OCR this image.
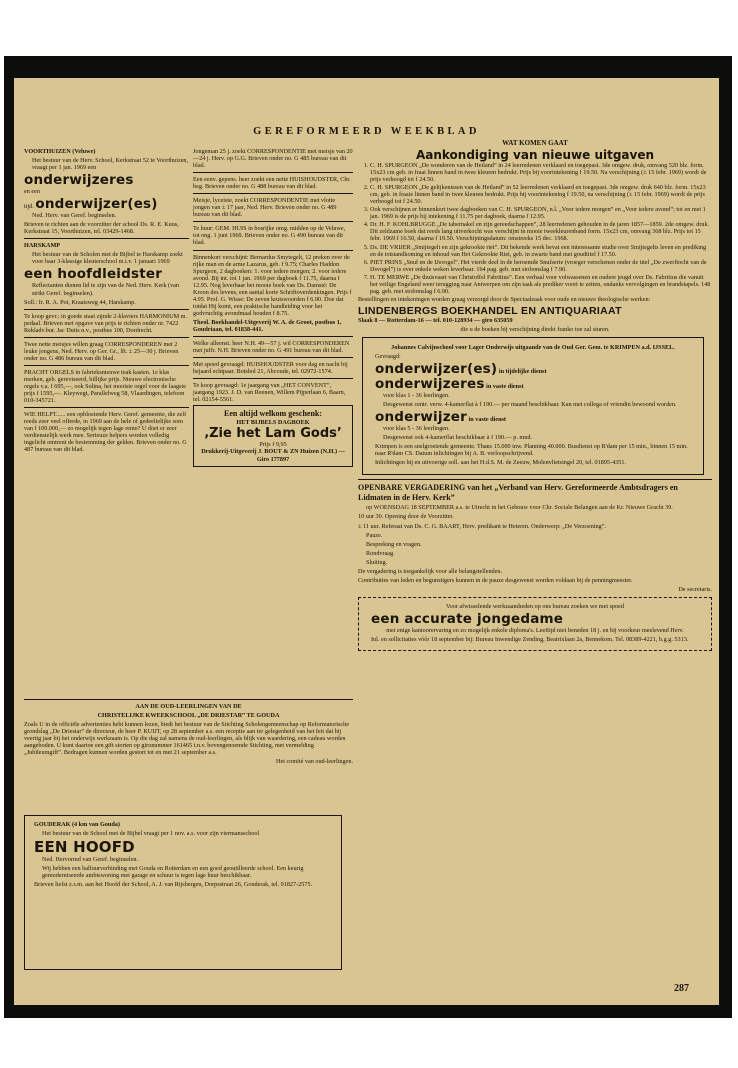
GEREFORMEERD WEEKBLAD

VOORTHUIZEN (Veluwe)

Het bestuur van de Herv. School, Kerkstraat 52 te Voorthuizen, vraagt per 1 jan. 1969 een

onderwijzeres

en een

tijd. onderwijzer(es)

Ned. Herv. van Geref. beginselen.

Brieven te richten aan de voorzitter der school Ds. R. E. Kuus, Kerkstraat 15, Voorthuizen, tel. 03429-1468.

HARSKAMP

Het bestuur van de Scholen met de Bijbel te Harskamp zoekt voor haar 3-klassige kleuterschool m.i.v. 1 januari 1969

een hoofdleidster

Reflectanten dienen lid te zijn van de Ned. Herv. Kerk (van strikt Geref. beginselen).

Soll.: Ir. R. A. Pot, Kraatsweg 44, Harskamp.

Te koop gevr.: in goede staat zijnde 2-klaviers HARMONIUM m. pedaal. Brieven met opgave van prijs te richten onder nr. 7422 Rekladv.bur. Jac Duits n.v., postbus 100, Dordrecht.

Twee nette meisjes willen graag CORRESPONDEREN met 2 leuke jongens, Ned. Herv. op Ger. Gr., lft. ± 25—30 j. Brieven onder no. G 486 bureau van dit blad.

PRACHT ORGELS in fabrieksnieuwe teak kasten. 1e klas merken, geb. gereviseerd, billijke prijs. Nieuwe electronische orgels v.a. f 695,—, ook Solina, het mooiste orgel voor de laagste prijs f 1595,—. Kleywegt, Parallelweg 58, Vlaardingen, telefoon 010-345721.

WIE HELPT...... een opbloeiende Herv. Geref. gemeente, die zelf reeds zeer veel offerde, in 1969 aan de hele of gedeeltelijke som van f 100.000,— zo mogelijk tegen lage rente? U doet er zeer verdienstelijk werk mee. Serieuze helpers worden volledig ingelicht omtrent de bestemming der gelden. Brieven onder no. G 487 bureau van dit blad.

Jongeman 25 j. zoekt CORRESPONDENTIE met meisje van 20—24 j. Herv. op G.G. Brieven onder no. G 485 bureau van dit blad.

Een eenv. gepens. heer zoekt een nette HUISHOUDSTER, Chr. beg. Brieven onder no. G 488 bureau van dit blad.

Meisje, lyceiste, zoekt CORRESPONDENTIE met vlotte jongen van ± 17 jaar, Ned. Herv. Brieven onder no. G 489 bureau van dit blad.

Te huur: GEM. HUIS in bosrijke omg. midden op de Veluwe, tot ong. 1 juni 1969. Brieven onder no. G 490 bureau van dit blad.

Binnenkort verschijnt: Bernardus Smytegelt, 12 preken over de rijke man en de arme Lazarus, geb. f 9.75; Charles Haddon Spurgeon, 2 dagboeken: 1. voor iedere morgen; 2. voor iedere avond. Bij int. tot 1 jan. 1969 per dagboek f 11.75, daarna f 12.95. Nog leverbaar het mooie boek van Ds. Damsté: De Kroon des levens, een aantal korte Schriftoverdenkingen. Prijs f 4.95. Prof. G. Wisse: De zeven kruiswoorden f 6.90. Doe dat totdat Hij komt, een praktische handleiding voor het godvruchtig avondmaal houden f 8.75.

Theol. Boekhandel-Uitgeverij W. A. de Groot, postbus 1, Goudriaan, tel. 01838-441.

Welke alleenst. heer N.H. 49—57 j. wil CORRESPONDEREN met juffr. N.H. Brieven onder no. G 491 bureau van dit blad.

Met spoed gevraagd: HUISHOUDSTER voor dag en nacht bij bejaard echtpaar. Botshol 21, Abcoude, tel. 02972-1574.

Te koop gevraagd: 1e jaargang van „HET CONVENT”, jaargang 1923. J. D. van Reenen, Willem Pijperlaan 6, Baarn, tel. 02154-5561.

Een altijd welkom geschenk:
HET BIJBELS DAGBOEK
‚Zie het Lam Gods’
Prijs f 9,95
Drukkerij-Uitgeverij J. BOUT & ZN Huizen (N.H.) — Giro 177897
WAT KOMEN GAAT
Aankondiging van nieuwe uitgaven
1. C. H. SPURGEON „De wonderen van de Heiland” in 24 leerredenen verklaard en toegepast. 3de omgew. druk, omvang 520 blz. form. 15x23 cm geb. in fraai linnen band in twee kleuren bedrukt. Prijs bij voorintekening f 19.50. Na verschijning (± 15 febr. 1969) wordt de prijs verhoogd tot f 24.50.
2. C. H. SPURGEON „De gelijkenissen van de Heiland” in 52 leerredenen verklaard en toegepast. 3de omgew. druk 640 blz. form. 15x23 cm, geb. in fraaie linnen band in twee kleuren bedrukt. Prijs bij voorintekening f 19.50, na verschijning (± 15 febr. 1969) wordt de prijs verhoogd tot f 24.50.
3. Ook verschijnen er binnenkort twee dagboeken van C. H. SPURGEON, n.l. „Voor iedere morgen” en „Voor iedere avond”; tot en met 1 jan. 1969 is de prijs bij intekening f 11.75 per dagboek, daarna f 12.95.
4. Dr. H. F. KOHLBRUGGE „De tabernakel en zijn gereedschappen”, 28 leerredenen gehouden in de jaren 1857—1859. 2de omgew. druk. Dit zeldzame boek dat reeds lang uitverkocht was verschijnt in mooie tweekleurenband form. 15x23 cm, omvang 368 blz. Prijs tot 15 febr. 1969 f 16.50, daarna f 19.50. Verschijningsdatum: omstreeks 15 dec. 1968.
5. Ds. DE VRIJER „Smijtegelt en zijn gekrookte riet”. Dit bekende werk bevat een interessante studie over Smijtegelts leven en prediking en de totstandkoming en inhoud van Het Gekrookte Riet, geb. in zwarte band met goudtitel f 17.50.
6. PIET PRINS „Snuf en de IJsvogel”. Het vierde deel in de beroemde Snufserie (vroeger verschenen onder de titel „De zwerftocht van de IJsvogel”) is over enkele weken leverbaar. 164 pag. geb. met stofomslag f 7.90.
7. H. TE MERWE „De thuisvaart van Christoffel Fabritius”. Een verhaal voor volwassenen en oudere jeugd over Ds. Fabritius die vanuit het veilige Engeland weer terugging naar Antwerpen om zijn taak als prediker voort te zetten, ondanks vervolgingen en brandstapels. 148 pag. geb. met stofomslag f 6.90.

Bestellingen en intekeningen worden graag verzorgd door de Speciaalzaak voor oude en nieuwe theologische werken:

LINDENBERGS BOEKHANDEL EN ANTIQUARIAAT

Slaak 8 — Rotterdam-16 — tel. 010-128934 — giro 635059

die u de boeken bij verschijning direkt franko toe zal sturen.

Johannes Calvijnschool voor Lager Onderwijs uitgaande van de Oud Ger. Gem. te KRIMPEN a.d. IJSSEL.

Gevraagd:

onderwijzer(es) in tijdelijke dienst
onderwijzeres in vaste dienst

voor klas 1 - 36 leerlingen.

Desgewenst centr. verw. 4-kamerflat à f 190.— per maand beschikbaar. Kan met collega of vriendin bewoond worden.

onderwijzer in vaste dienst

voor klas 5 - 36 leerlingen.

Desgewenst ook 4-kamerflat beschikbaar à f 190.— p. mnd.

Krimpen is een snelgroeiende gemeente. Thans 15.000 inw. Planning 40.000. Busdienst op R'dam per 15 min., binnen 15 min. naar R'dam CS. Datum inlichtingen bij A. B. verloopschrijvend.

Inlichtingen bij en uitvoerige soll. aan het H.d.S. M. de Zeeuw, Molenvlietsingel 20, tel. 01895-4351.

OPENBARE VERGADERING van het „Verband van Herv. Gereformeerde Ambtsdragers en Lidmaten in de Herv. Kerk”

op WOENSDAG 18 SEPTEMBER a.s. te Utrecht in het Gebouw voor Chr. Sociale Belangen aan de Kr. Nieuwe Gracht 39.

10 uur 30. Opening door de Voorzitter.

± 11 uur. Referaat van Ds. C. G. BAART, Herv. predikant te Heteren. Onderwerp: „De Verzoening”.

Pauze.

Bespreking en vragen.

Rondvraag.

Sluiting.

De vergadering is toegankelijk voor alle belangstellenden.

Contributies van leden en begunstigers kunnen in de pauze desgewenst worden voldaan bij de penningmeester.

De secretaris.

Voor afwisselende werkzaamheden op ons bureau zoeken we met spoed

een accurate jongedame

met enige kantoorervaring en zo mogelijk enkele diploma's. Leeftijd niet beneden 18 j. en bij voorkeur meelevend Herv.

Inl. en sollicitaties vóór 18 september bij: Bureau Inwendige Zending, Beatrixlaan 2a, Bennekom. Tel. 08389-4221, b.g.g. 5313.

AAN DE OUD-LEERLINGEN VAN DE

CHRISTELIJKE KWEEKSCHOOL „DE DRIESTAR” TE GOUDA

Zoals U in de officiële advertenties hebt kunnen lezen, biedt het bestuur van de Stichting Scholengemeenschap op Reformatorische grondslag „De Driestar” de directeur, de heer P. KUIJT, op 28 september a.s. een receptie aan ter gelegenheid van het feit dat hij veertig jaar bij het onderwijs werkzaam is. Op die dag zal namens de oud-leerlingen, als blijk van waardering, een cadeau worden aangeboden. U kunt daartoe een gift storten op gironummer 161465 t.n.v. bovengenoemde Stichting, met vermelding „Jubileumgift”. Bedragen kunnen worden gestort tot en met 21 september a.s.

Het comité van oud-leerlingen.

GOUDERAK (4 km van Gouda)

Het bestuur van de School met de Bijbel vraagt per 1 nov. a.s. voor zijn viermansschool

EEN HOOFD

Ned. Hervormd van Geref. beginselen.

Wij hebben een halfuurverbinding met Gouda en Rotterdam en een goed geoutilleerde school. Een keurig gemoderniseerde ambtswoning met garage en schuur is tegen lage huur beschikbaar.

Brieven liefst z.s.m. aan het Hoofd der School, A. J. van Rijsbergen, Dorpsstraat 26, Gouderak, tel. 01827-2575.

287
